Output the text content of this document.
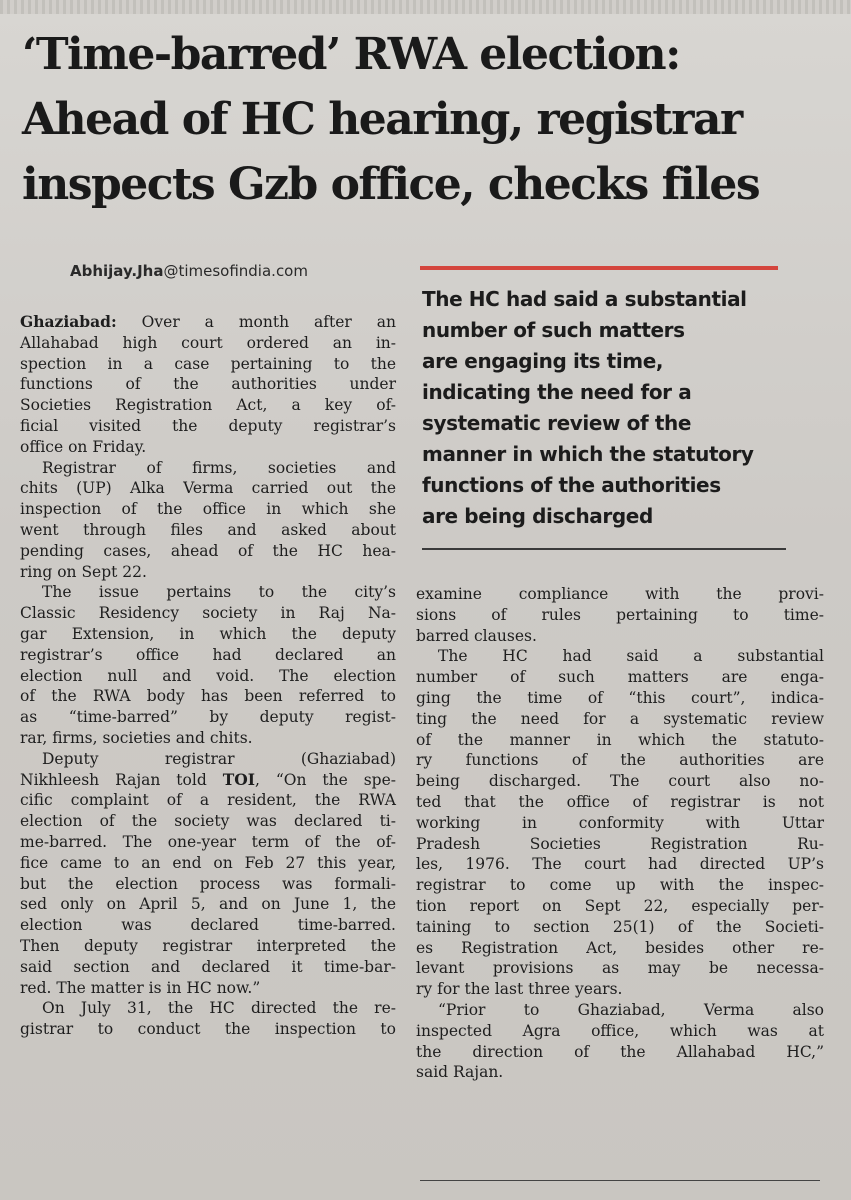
‘Time-barred’ RWA election:
Ahead of HC hearing, registrar
inspects Gzb office, checks files
Abhijay.Jha@timesofindia.com
The HC had said a substantial
number of such matters
are engaging its time,
indicating the need for a
systematic review of the
manner in which the statutory
functions of the authorities
are being discharged
Ghaziabad: Over a month after an
Allahabad high court ordered an in-
spection in a case pertaining to the
functions of the authorities under
Societies Registration Act, a key of-
ficial visited the deputy registrar’s
office on Friday.
Registrar of firms, societies and
chits (UP) Alka Verma carried out the
inspection of the office in which she
went through files and asked about
pending cases, ahead of the HC hea-
ring on Sept 22.
The issue pertains to the city’s
Classic Residency society in Raj Na-
gar Extension, in which the deputy
registrar’s office had declared an
election null and void. The election
of the RWA body has been referred to
as “time-barred” by deputy regist-
rar, firms, societies and chits.
Deputy registrar (Ghaziabad)
Nikhleesh Rajan told TOI, “On the spe-
cific complaint of a resident, the RWA
election of the society was declared ti-
me-barred. The one-year term of the of-
fice came to an end on Feb 27 this year,
but the election process was formali-
sed only on April 5, and on June 1, the
election was declared time-barred.
Then deputy registrar interpreted the
said section and declared it time-bar-
red. The matter is in HC now.”
On July 31, the HC directed the re-
gistrar to conduct the inspection to
examine compliance with the provi-
sions of rules pertaining to time-
barred clauses.
The HC had said a substantial
number of such matters are enga-
ging the time of “this court”, indica-
ting the need for a systematic review
of the manner in which the statuto-
ry functions of the authorities are
being discharged. The court also no-
ted that the office of registrar is not
working in conformity with Uttar
Pradesh Societies Registration Ru-
les, 1976. The court had directed UP’s
registrar to come up with the inspec-
tion report on Sept 22, especially per-
taining to section 25(1) of the Societi-
es Registration Act, besides other re-
levant provisions as may be necessa-
ry for the last three years.
“Prior to Ghaziabad, Verma also
inspected Agra office, which was at
the direction of the Allahabad HC,”
said Rajan.
